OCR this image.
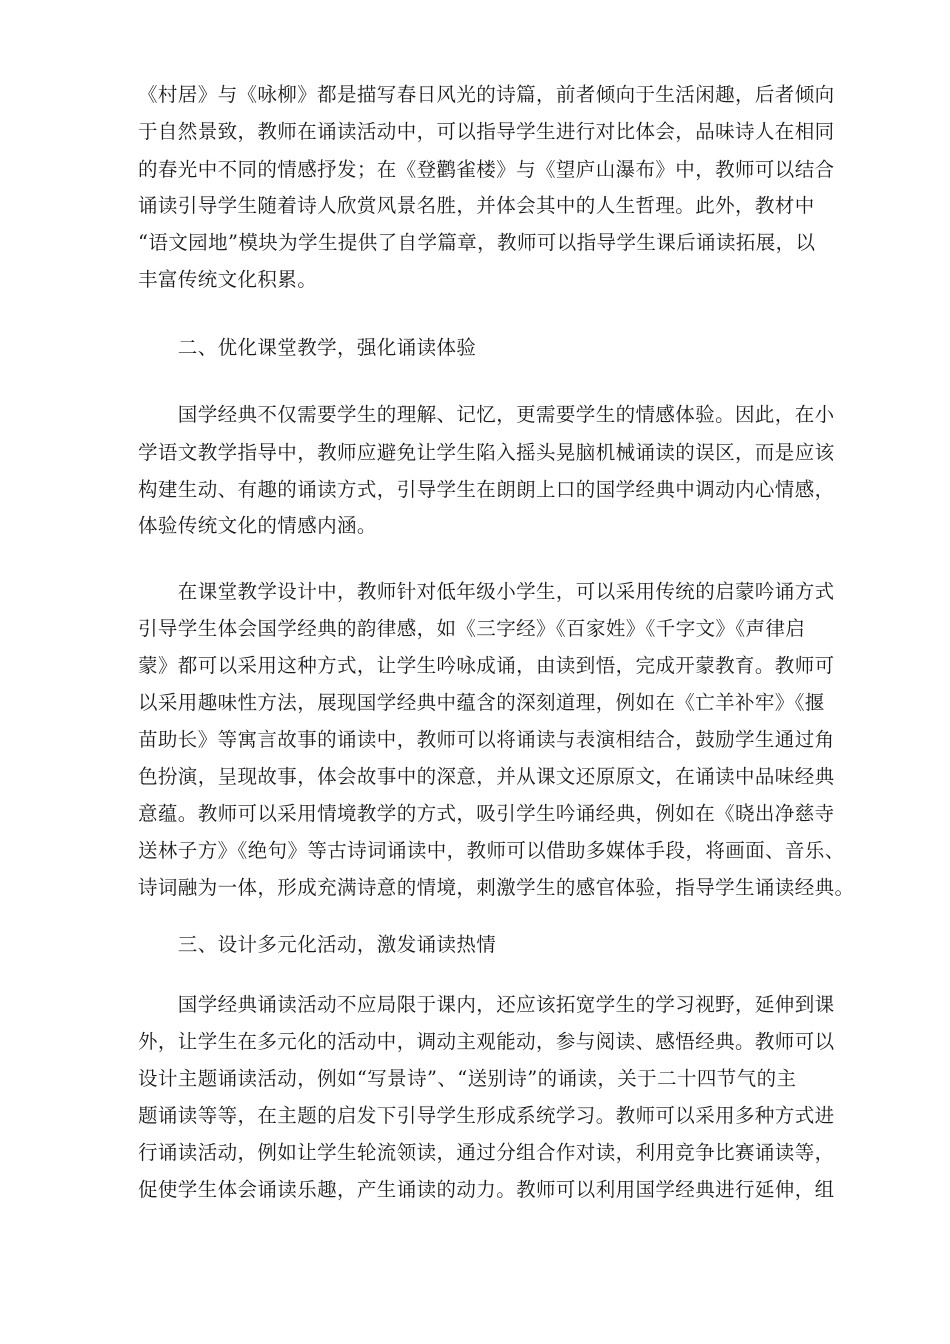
《村居》与《咏柳》都是描写春日风光的诗篇，前者倾向于生活闲趣，后者倾向

于自然景致，教师在诵读活动中，可以指导学生进行对比体会，品味诗人在相同

的春光中不同的情感抒发；在《登鹳雀楼》与《望庐山瀑布》中，教师可以结合

诵读引导学生随着诗人欣赏风景名胜，并体会其中的人生哲理。此外，教材中

“语文园地”模块为学生提供了自学篇章，教师可以指导学生课后诵读拓展，以

丰富传统文化积累。

　　二、优化课堂教学，强化诵读体验

　　国学经典不仅需要学生的理解、记忆，更需要学生的情感体验。因此，在小

学语文教学指导中，教师应避免让学生陷入摇头晃脑机械诵读的误区，而是应该

构建生动、有趣的诵读方式，引导学生在朗朗上口的国学经典中调动内心情感，

体验传统文化的情感内涵。

　　在课堂教学设计中，教师针对低年级小学生，可以采用传统的启蒙吟诵方式

引导学生体会国学经典的韵律感，如《三字经》《百家姓》《千字文》《声律启

蒙》都可以采用这种方式，让学生吟咏成诵，由读到悟，完成开蒙教育。教师可

以采用趣味性方法，展现国学经典中蕴含的深刻道理，例如在《亡羊补牢》《揠

苗助长》等寓言故事的诵读中，教师可以将诵读与表演相结合，鼓励学生通过角

色扮演，呈现故事，体会故事中的深意，并从课文还原原文，在诵读中品味经典

意蕴。教师可以采用情境教学的方式，吸引学生吟诵经典，例如在《晓出净慈寺

送林子方》《绝句》等古诗词诵读中，教师可以借助多媒体手段，将画面、音乐、

诗词融为一体，形成充满诗意的情境，刺激学生的感官体验，指导学生诵读经典。

　　三、设计多元化活动，激发诵读热情

　　国学经典诵读活动不应局限于课内，还应该拓宽学生的学习视野，延伸到课

外，让学生在多元化的活动中，调动主观能动，参与阅读、感悟经典。教师可以

设计主题诵读活动，例如“写景诗”、“送别诗”的诵读，关于二十四节气的主

题诵读等等，在主题的启发下引导学生形成系统学习。教师可以采用多种方式进

行诵读活动，例如让学生轮流领读，通过分组合作对读，利用竞争比赛诵读等，

促使学生体会诵读乐趣，产生诵读的动力。教师可以利用国学经典进行延伸，组
